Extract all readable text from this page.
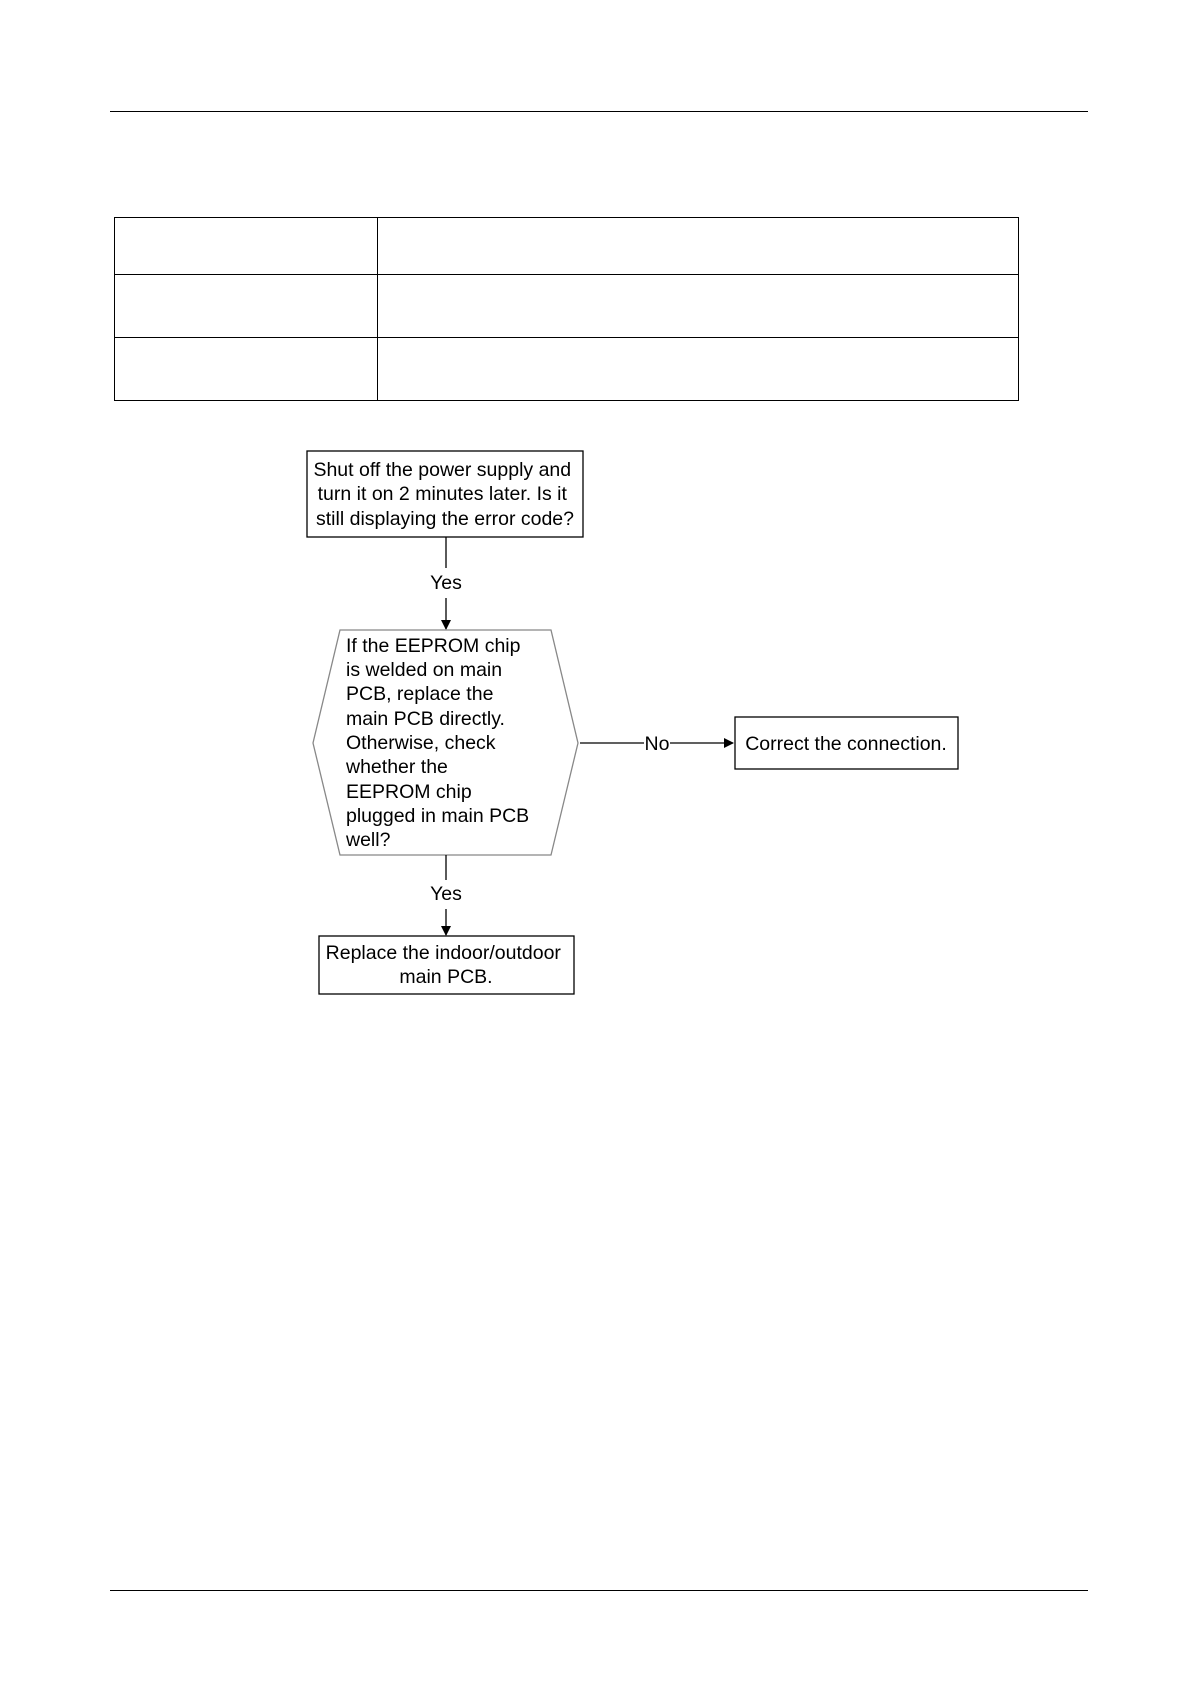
Shut off the power supply and turn it on 2 minutes later. Is it still displaying the error code?
Yes
If the EEPROM chip is welded on main PCB, replace the main PCB directly. Otherwise, check whether the EEPROM chip plugged in main PCB well?
No	Correct the connection.
Yes
Replace the indoor/outdoor main PCB.
